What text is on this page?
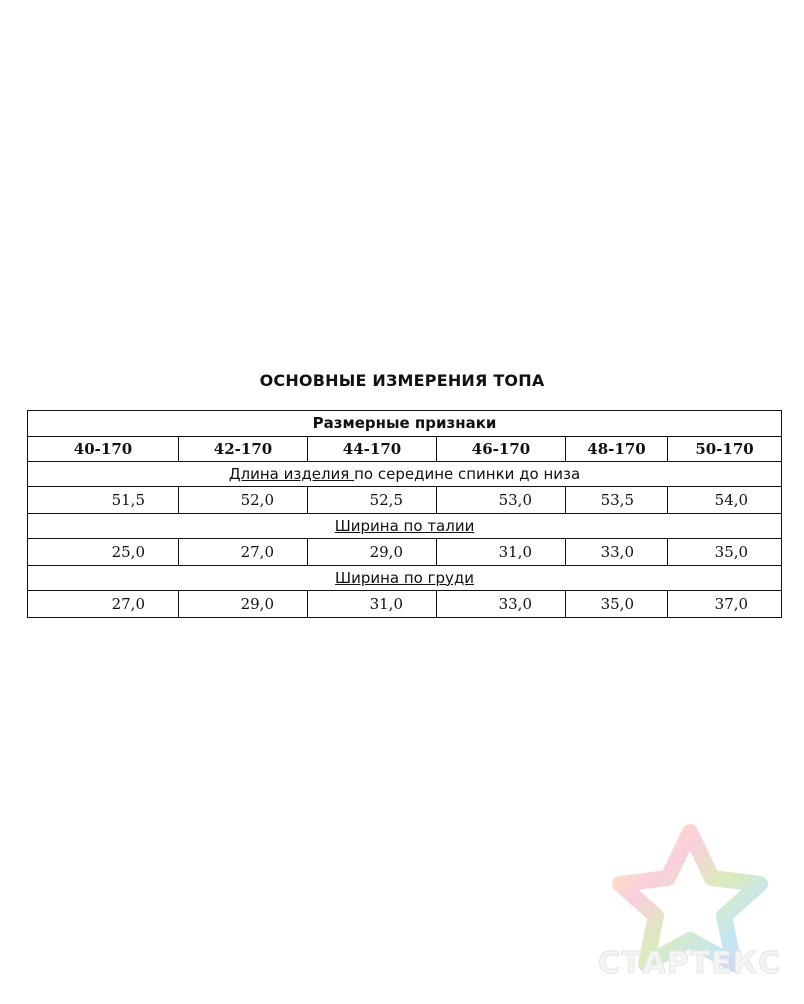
ОСНОВНЫЕ ИЗМЕРЕНИЯ ТОПА
Размерные признаки					
40-170	42-170	44-170	46-170	48-170	50-170
Длина изделия по середине спинки до низа					
51,5	52,0	52,5	53,0	53,5	54,0
Ширина по талии					
25,0	27,0	29,0	31,0	33,0	35,0
Ширина по груди					
27,0	29,0	31,0	33,0	35,0	37,0
СТАРТЕКС
